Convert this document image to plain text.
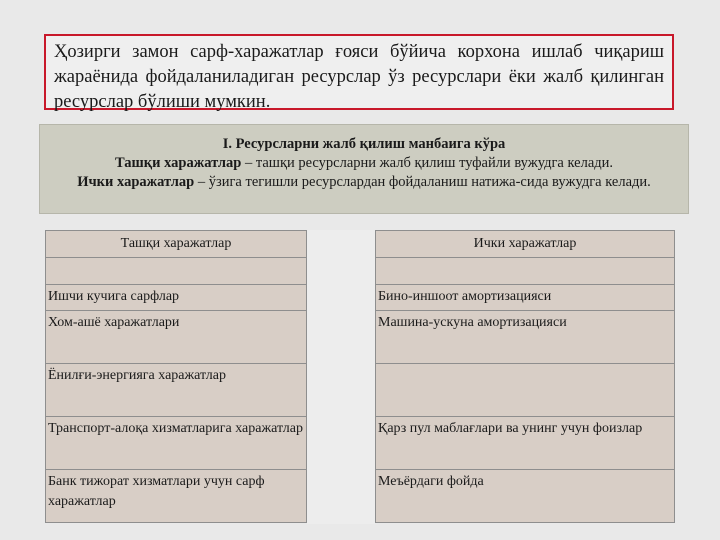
Ҳозирги замон сарф-харажатлар ғояси бўйича корхона ишлаб чиқариш жараёнида фойдаланиладиган ресурслар ўз ресурслари ёки жалб қилинган ресурслар бўлиши мумкин.
I. Ресурсларни жалб қилиш манбаига кўра
Ташқи харажатлар – ташқи ресурсларни жалб қилиш туфайли вужудга келади.
Ички харажатлар – ўзига тегишли ресурслардан фойдаланиш натижа-сида вужудга келади.
Ташқи харажатлар
Ишчи кучига сарфлар
Хом-ашё харажатлари
Ёнилғи-энергияга харажатлар
Транспорт-алоқа хизматларига харажатлар
Банк тижорат хизматлари учун сарф харажатлар
Ички харажатлар
Бино-иншоот амортизацияси
Машина-ускуна амортизацияси
Қарз пул маблағлари ва унинг учун фоизлар
Меъёрдаги фойда
